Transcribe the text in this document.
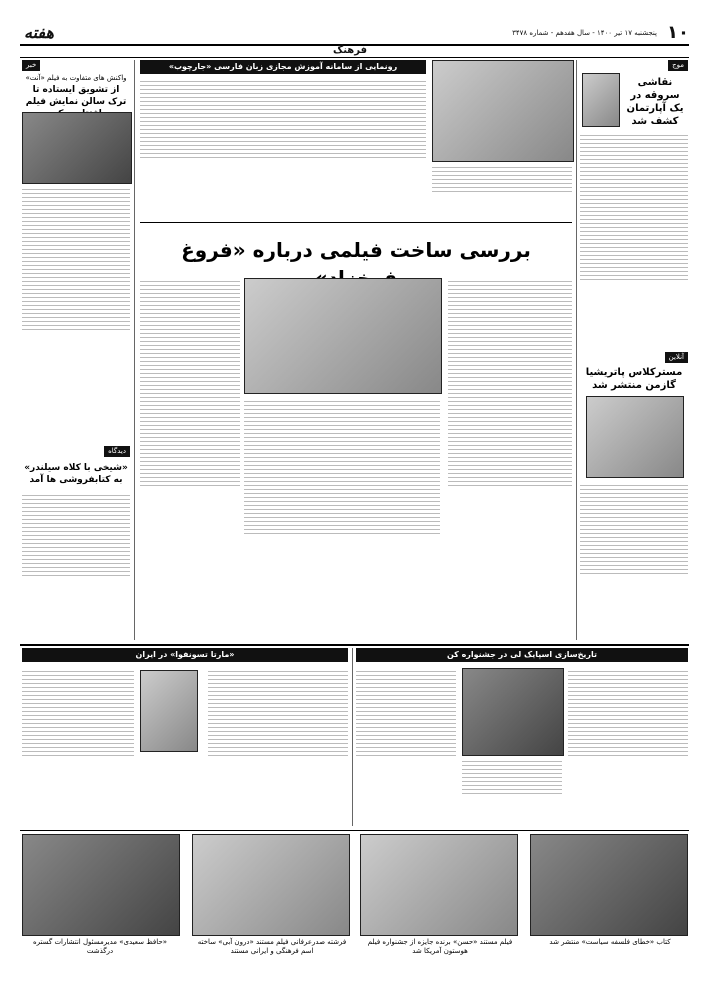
۱۰
پنجشنبه ۱۷ تیر ۱۴۰۰ - سال هفدهم - شماره ۳۴۷۸
هفته
فرهنگ
موج
نقاشی سروقه در یک آپارتمان کشف شد
آنلاین
مسترکلاس پاتریشیا گازمن منتشر شد
خبر
واکنش های متفاوت به فیلم «آنت»
از تشویق ایستاده تا ترک سالن نمایش فیلم
دیدگاه
«شیخی با کلاه سیلندر» به کتابفروشی ها آمد
رونمایی از سامانه آموزش مجازی زبان فارسی «جارچوب»
بررسی ساخت فیلمی درباره «فروغ
تاریخ‌سازی اسپایک لی در جشنواره کن
«مارتا تسونفوا» در ایران
کتاب «خطای فلسفه سیاست» منتشر شد
فیلم مستند «حسن» برنده جایزه از جشنواره فیلم هوستون آمریکا شد
فرشته صدرعرفانی فیلم مستند «درون آبی» ساخته اسم فرهنگی و ایرانی مستند
«حافظ سعیدی» مدیرمسئول انتشارات گستره درگذشت
